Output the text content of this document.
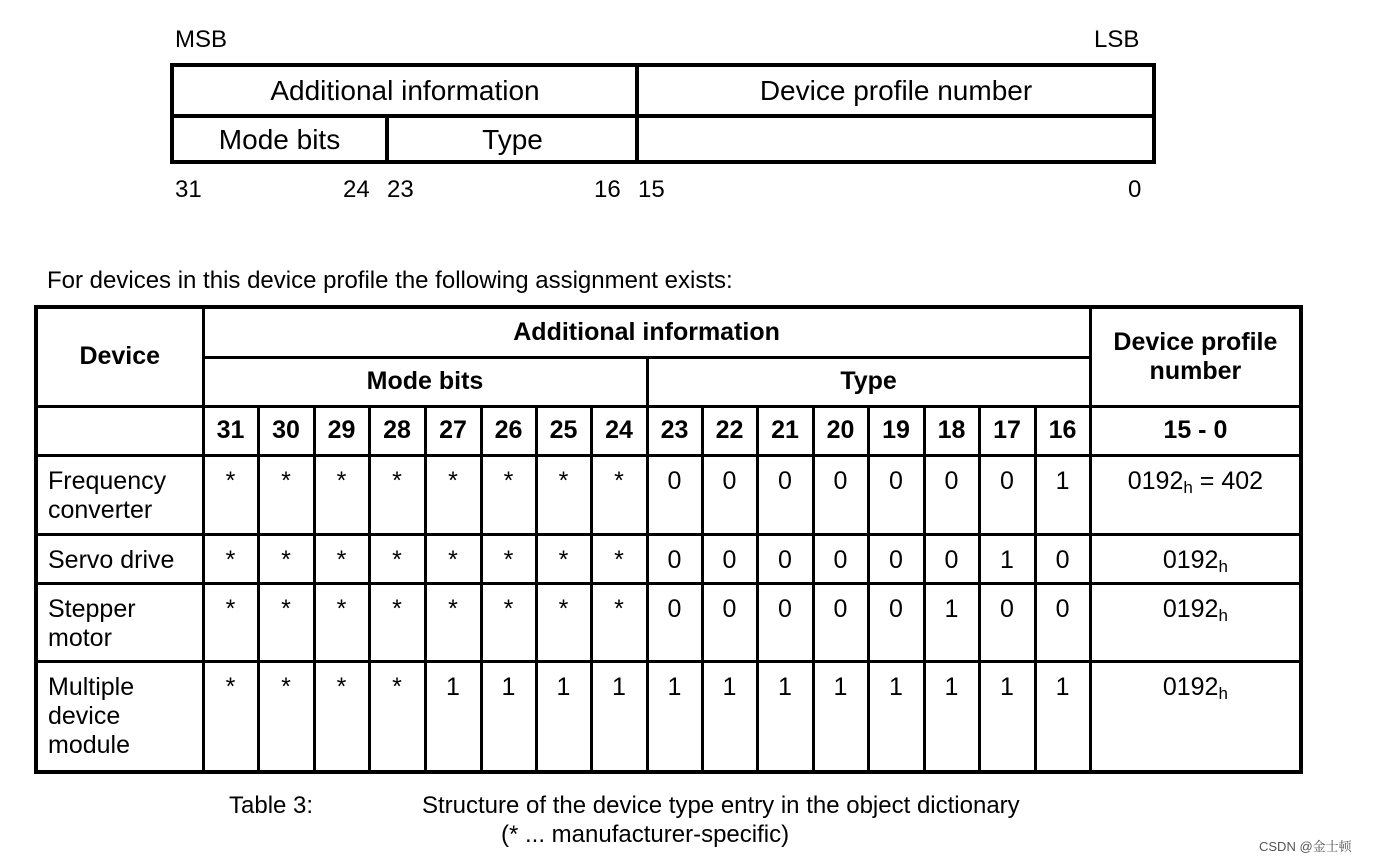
MSB	LSB
Additional information	Device profile number
Mode bits	Type
31	24 23	16 15	0
For devices in this device profile the following assignment exists:
Device	Additional information																Device profile number
	Mode bits								Type								
	31	30	29	28	27	26	25	24	23	22	21	20	19	18	17	16	15 - 0
Frequency converter	*	*	*	*	*	*	*	*	0	0	0	0	0	0	0	1	$0192_h = 402$
Servo drive	*	*	*	*	*	*	*	*	0	0	0	0	0	0	1	0	$0192_h$
Stepper motor	*	*	*	*	*	*	*	*	0	0	0	0	0	1	0	0	$0192_h$
Multiple device module	*	*	*	*	1	1	1	1	1	1	1	1	1	1	1	1	$0192_h$
Table 3:	Structure of the device type entry in the object dictionary
(* ... manufacturer-specific)	CSDN @金士顿
